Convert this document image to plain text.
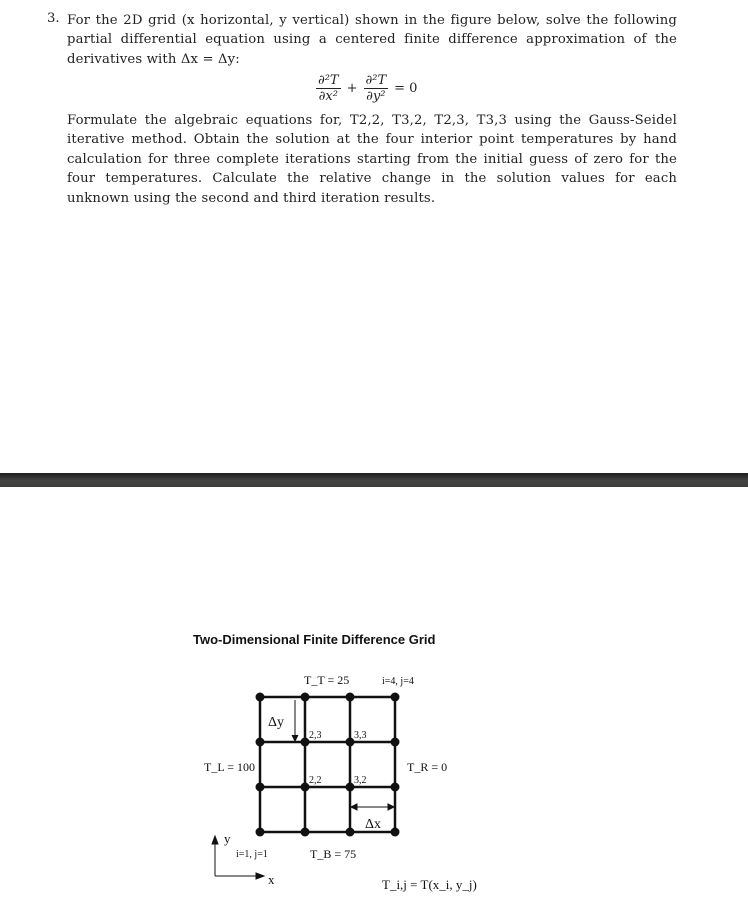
3. For the 2D grid (x horizontal, y vertical) shown in the figure below, solve the following partial differential equation using a centered finite difference approximation of the derivatives with Δx = Δy:
$\frac{\text{∂²T}}{\text{∂x²}} + \frac{\text{∂²T}}{\text{∂y²}} = 0$
Formulate the algebraic equations for, T2,2, T3,2, T2,3, T3,3 using the Gauss-Seidel iterative method. Obtain the solution at the four interior point temperatures by hand calculation for three complete iterations starting from the initial guess of zero for the four temperatures. Calculate the relative change in the solution values for each unknown using the second and third iteration results.
Two-Dimensional Finite Difference Grid
T_T = 25	i=4, j=4
T_L = 100	T_R = 0
T_B = 75
i=1, j=1
2,3	3,3
2,2	3,2
Δy
Δx
y
x	T_i,j = T(x_i, y_j)
